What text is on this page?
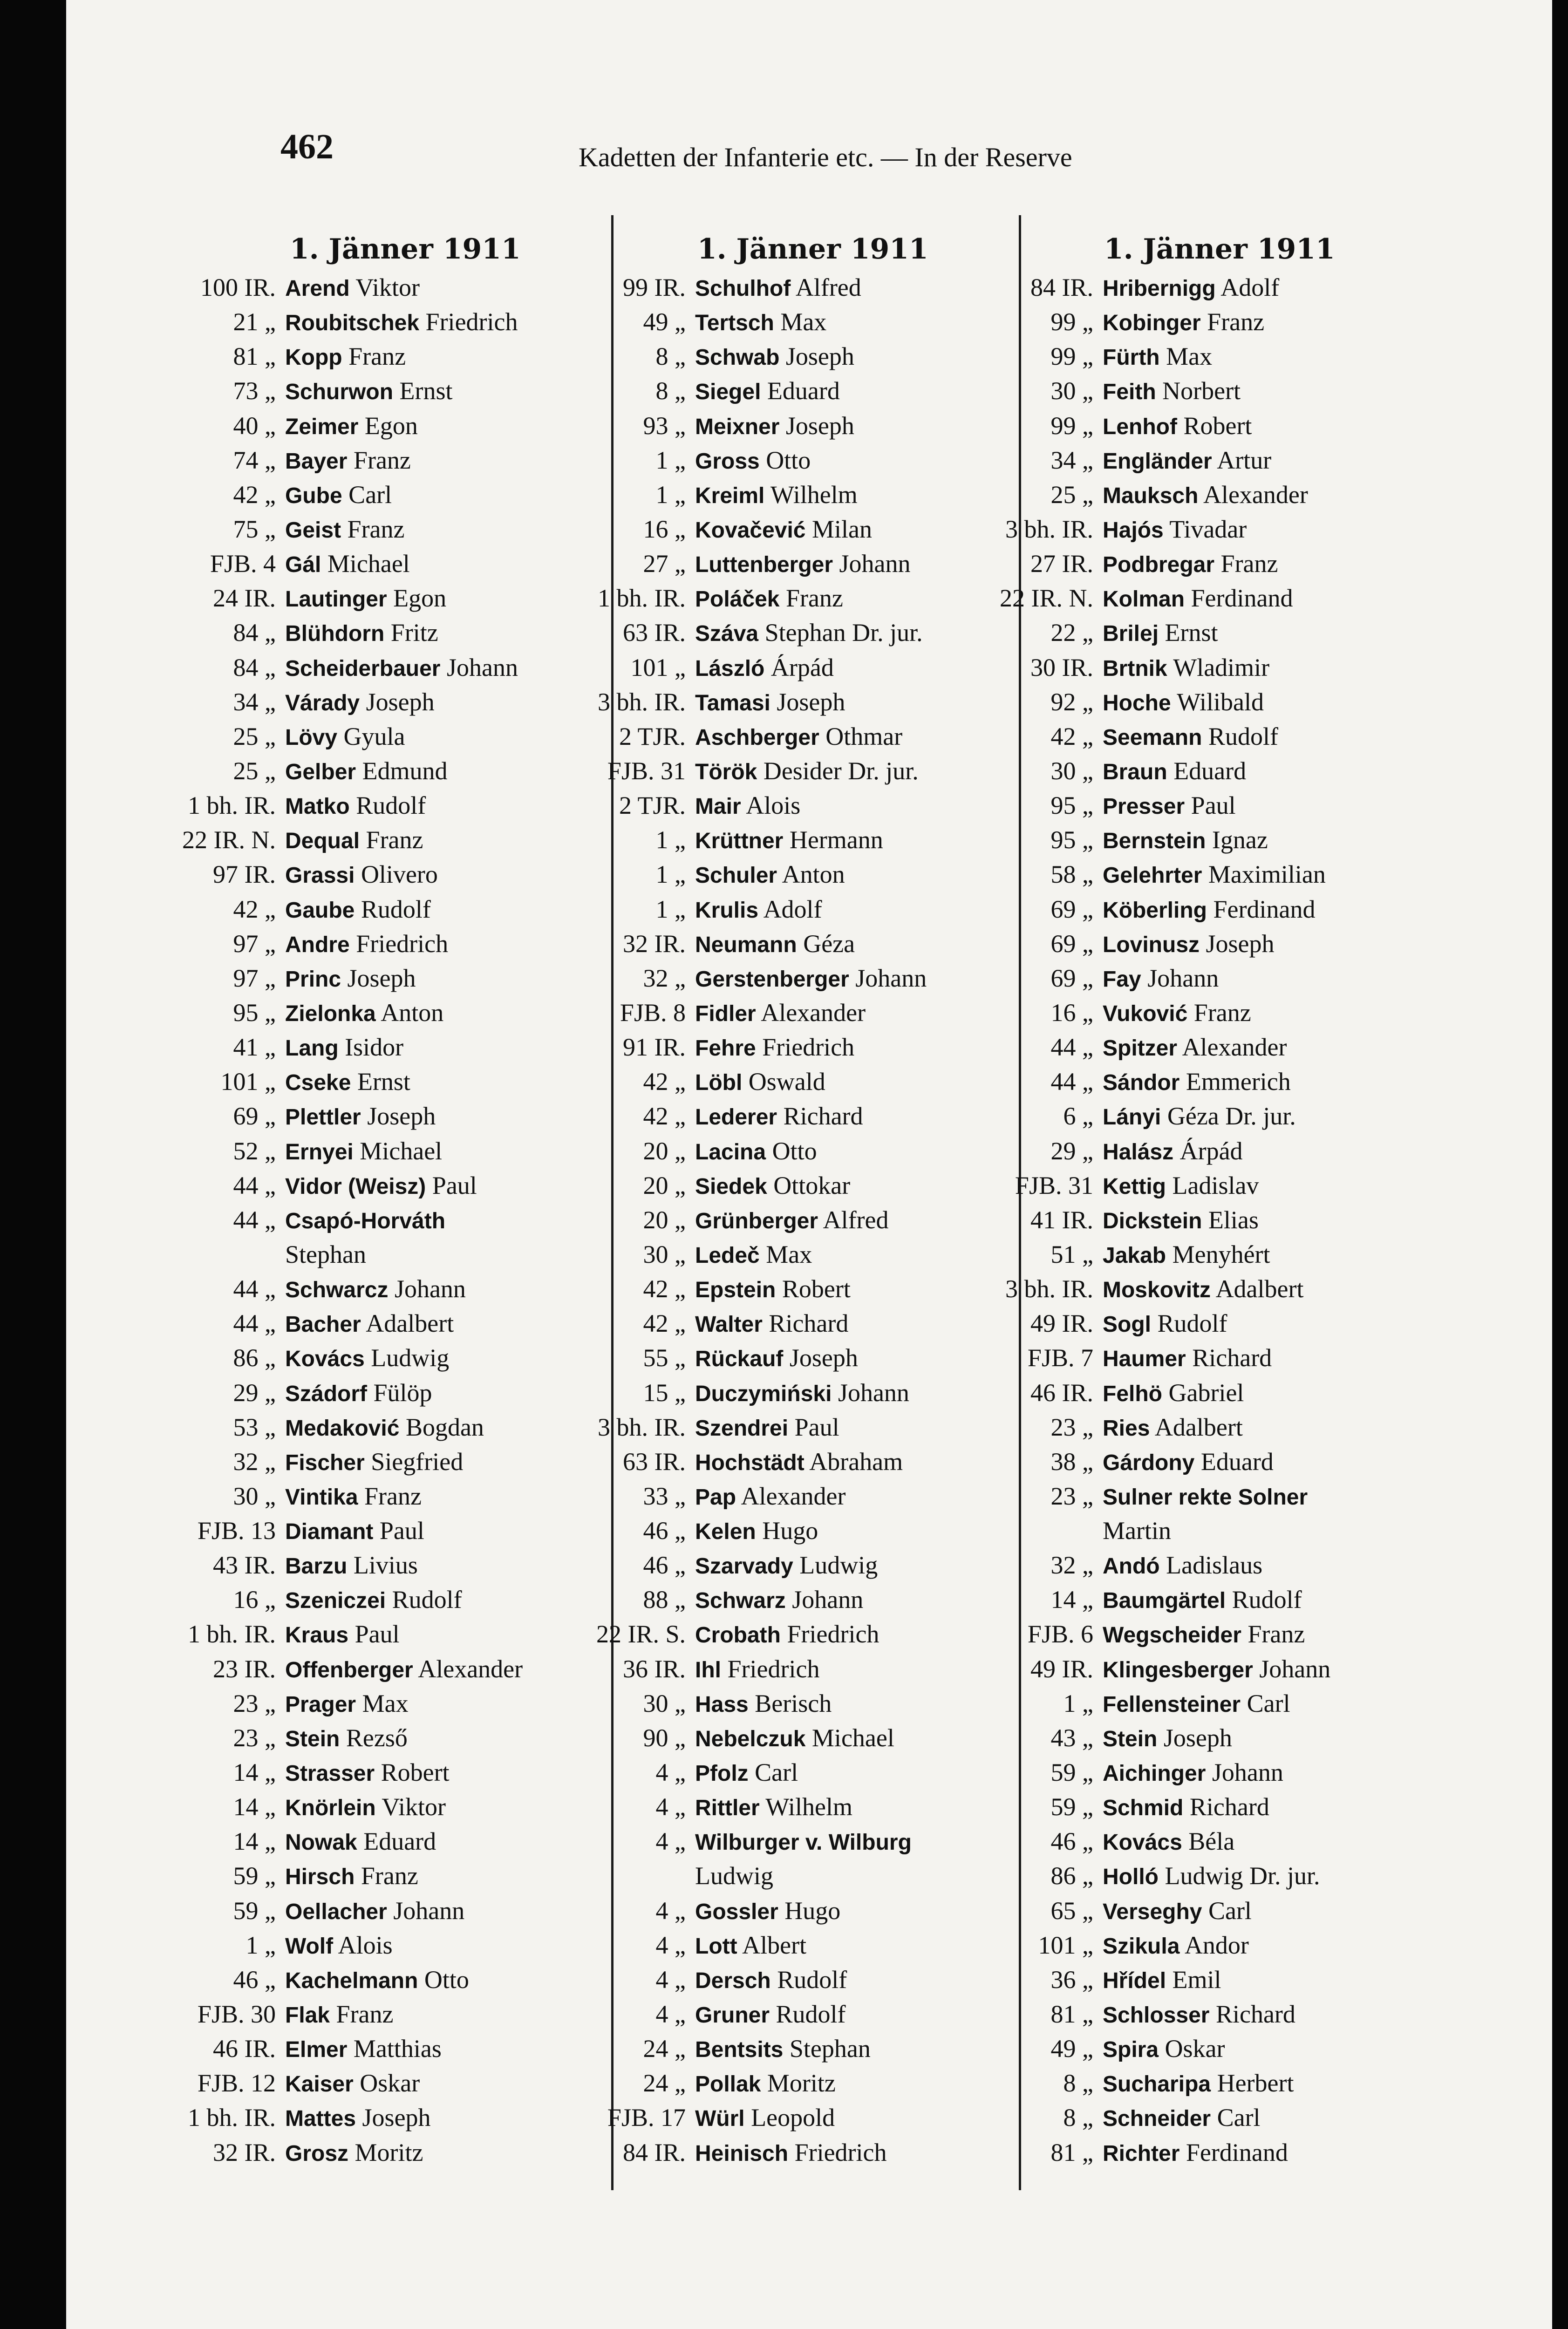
462	Kadetten der Infanterie etc. — In der Reserve
1. Jänner 1911	1. Jänner 1911	1. Jänner 1911
100 IR. Arend Viktor
21 „ Roubitschek Friedrich
81 „ Kopp Franz
73 „ Schurwon Ernst
40 „ Zeimer Egon
74 „ Bayer Franz
42 „ Gube Carl
75 „ Geist Franz
FJB. 4 Gál Michael
24 IR. Lautinger Egon
84 „ Blühdorn Fritz
84 „ Scheiderbauer Johann
34 „ Várady Joseph
25 „ Lövy Gyula
25 „ Gelber Edmund
1 bh. IR. Matko Rudolf
22 IR. N. Dequal Franz
97 IR. Grassi Olivero
42 „ Gaube Rudolf
97 „ Andre Friedrich
97 „ Princ Joseph
95 „ Zielonka Anton
41 „ Lang Isidor
101 „ Cseke Ernst
69 „ Plettler Joseph
52 „ Ernyei Michael
44 „ Vidor (Weisz) Paul
44 „ Csapó-Horváth
Stephan
44 „ Schwarcz Johann
44 „ Bacher Adalbert
86 „ Kovács Ludwig
29 „ Szádorf Fülöp
53 „ Medaković Bogdan
32 „ Fischer Siegfried
30 „ Vintika Franz
FJB. 13 Diamant Paul
43 IR. Barzu Livius
16 „ Szeniczei Rudolf
1 bh. IR. Kraus Paul
23 IR. Offenberger Alexander
23 „ Prager Max
23 „ Stein Rezső
14 „ Strasser Robert
14 „ Knörlein Viktor
14 „ Nowak Eduard
59 „ Hirsch Franz
59 „ Oellacher Johann
1 „ Wolf Alois
46 „ Kachelmann Otto
FJB. 30 Flak Franz
46 IR. Elmer Matthias
FJB. 12 Kaiser Oskar
1 bh. IR. Mattes Joseph
32 IR. Grosz Moritz
99 IR. Schulhof Alfred
49 „ Tertsch Max
8 „ Schwab Joseph
8 „ Siegel Eduard
93 „ Meixner Joseph
1 „ Gross Otto
1 „ Kreiml Wilhelm
16 „ Kovačević Milan
27 „ Luttenberger Johann
1 bh. IR. Poláček Franz
63 IR. Száva Stephan Dr. jur.
101 „ László Árpád
3 bh. IR. Tamasi Joseph
2 TJR. Aschberger Othmar
FJB. 31 Török Desider Dr. jur.
2 TJR. Mair Alois
1 „ Krüttner Hermann
1 „ Schuler Anton
1 „ Krulis Adolf
32 IR. Neumann Géza
32 „ Gerstenberger Johann
FJB. 8 Fidler Alexander
91 IR. Fehre Friedrich
42 „ Löbl Oswald
42 „ Lederer Richard
20 „ Lacina Otto
20 „ Siedek Ottokar
20 „ Grünberger Alfred
30 „ Ledeč Max
42 „ Epstein Robert
42 „ Walter Richard
55 „ Rückauf Joseph
15 „ Duczymiński Johann
3 bh. IR. Szendrei Paul
63 IR. Hochstädt Abraham
33 „ Pap Alexander
46 „ Kelen Hugo
46 „ Szarvady Ludwig
88 „ Schwarz Johann
22 IR. S. Crobath Friedrich
36 IR. Ihl Friedrich
30 „ Hass Berisch
90 „ Nebelczuk Michael
4 „ Pfolz Carl
4 „ Rittler Wilhelm
4 „ Wilburger v. Wilburg
Ludwig
4 „ Gossler Hugo
4 „ Lott Albert
4 „ Dersch Rudolf
4 „ Gruner Rudolf
24 „ Bentsits Stephan
24 „ Pollak Moritz
FJB. 17 Würl Leopold
84 IR. Heinisch Friedrich
84 IR. Hribernigg Adolf
99 „ Kobinger Franz
99 „ Fürth Max
30 „ Feith Norbert
99 „ Lenhof Robert
34 „ Engländer Artur
25 „ Mauksch Alexander
3 bh. IR. Hajós Tivadar
27 IR. Podbregar Franz
22 IR. N. Kolman Ferdinand
22 „ Brilej Ernst
30 IR. Brtnik Wladimir
92 „ Hoche Wilibald
42 „ Seemann Rudolf
30 „ Braun Eduard
95 „ Presser Paul
95 „ Bernstein Ignaz
58 „ Gelehrter Maximilian
69 „ Köberling Ferdinand
69 „ Lovinusz Joseph
69 „ Fay Johann
16 „ Vuković Franz
44 „ Spitzer Alexander
44 „ Sándor Emmerich
6 „ Lányi Géza Dr. jur.
29 „ Halász Árpád
FJB. 31 Kettig Ladislav
41 IR. Dickstein Elias
51 „ Jakab Menyhért
3 bh. IR. Moskovitz Adalbert
49 IR. Sogl Rudolf
FJB. 7 Haumer Richard
46 IR. Felhö Gabriel
23 „ Ries Adalbert
38 „ Gárdony Eduard
23 „ Sulner rekte Solner
Martin
32 „ Andó Ladislaus
14 „ Baumgärtel Rudolf
FJB. 6 Wegscheider Franz
49 IR. Klingesberger Johann
1 „ Fellensteiner Carl
43 „ Stein Joseph
59 „ Aichinger Johann
59 „ Schmid Richard
46 „ Kovács Béla
86 „ Holló Ludwig Dr. jur.
65 „ Verseghy Carl
101 „ Szikula Andor
36 „ Hřídel Emil
81 „ Schlosser Richard
49 „ Spira Oskar
8 „ Sucharipa Herbert
8 „ Schneider Carl
81 „ Richter Ferdinand
